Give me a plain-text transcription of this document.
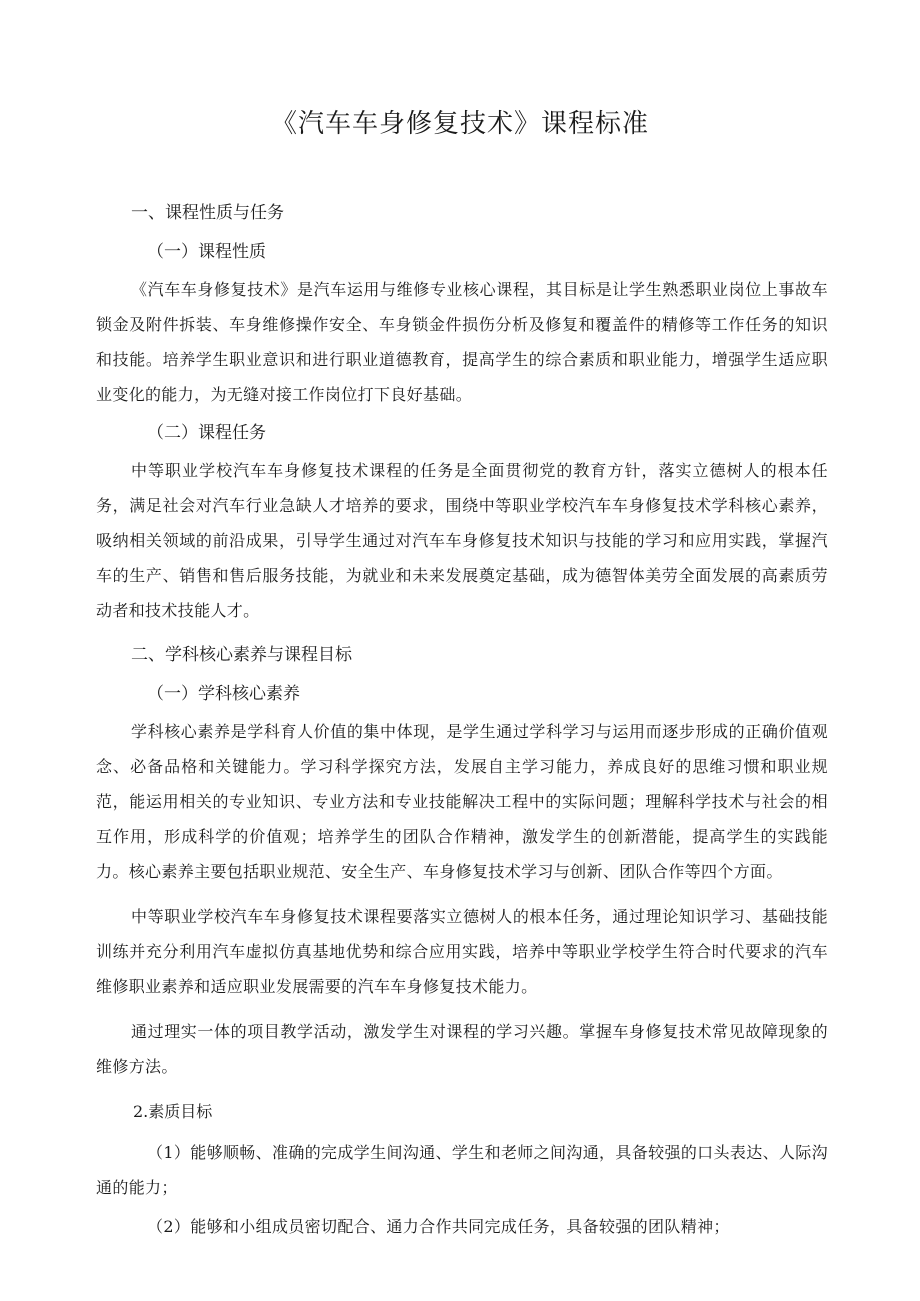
《汽车车身修复技术》课程标准
一、课程性质与任务
（一）课程性质

《汽车车身修复技术》是汽车运用与维修专业核心课程，其目标是让学生熟悉职业岗位上事故车锁金及附件拆装、车身维修操作安全、车身锁金件损伤分析及修复和覆盖件的精修等工作任务的知识和技能。培养学生职业意识和进行职业道德教育，提高学生的综合素质和职业能力，增强学生适应职业变化的能力，为无缝对接工作岗位打下良好基础。

（二）课程任务

中等职业学校汽车车身修复技术课程的任务是全面贯彻党的教育方针，落实立德树人的根本任务，满足社会对汽车行业急缺人才培养的要求，围绕中等职业学校汽车车身修复技术学科核心素养，吸纳相关领域的前沿成果，引导学生通过对汽车车身修复技术知识与技能的学习和应用实践，掌握汽车的生产、销售和售后服务技能，为就业和未来发展奠定基础，成为德智体美劳全面发展的高素质劳动者和技术技能人才。

二、学科核心素养与课程目标
（一）学科核心素养

学科核心素养是学科育人价值的集中体现，是学生通过学科学习与运用而逐步形成的正确价值观念、必备品格和关键能力。学习科学探究方法，发展自主学习能力，养成良好的思维习惯和职业规范，能运用相关的专业知识、专业方法和专业技能解决工程中的实际问题；理解科学技术与社会的相互作用，形成科学的价值观；培养学生的团队合作精神，激发学生的创新潜能，提高学生的实践能力。核心素养主要包括职业规范、安全生产、车身修复技术学习与创新、团队合作等四个方面。

中等职业学校汽车车身修复技术课程要落实立德树人的根本任务，通过理论知识学习、基础技能训练并充分利用汽车虚拟仿真基地优势和综合应用实践，培养中等职业学校学生符合时代要求的汽车维修职业素养和适应职业发展需要的汽车车身修复技术能力。

通过理实一体的项目教学活动，激发学生对课程的学习兴趣。掌握车身修复技术常见故障现象的维修方法。

2.素质目标

（1）能够顺畅、准确的完成学生间沟通、学生和老师之间沟通，具备较强的口头表达、人际沟通的能力；

（2）能够和小组成员密切配合、通力合作共同完成任务，具备较强的团队精神；
